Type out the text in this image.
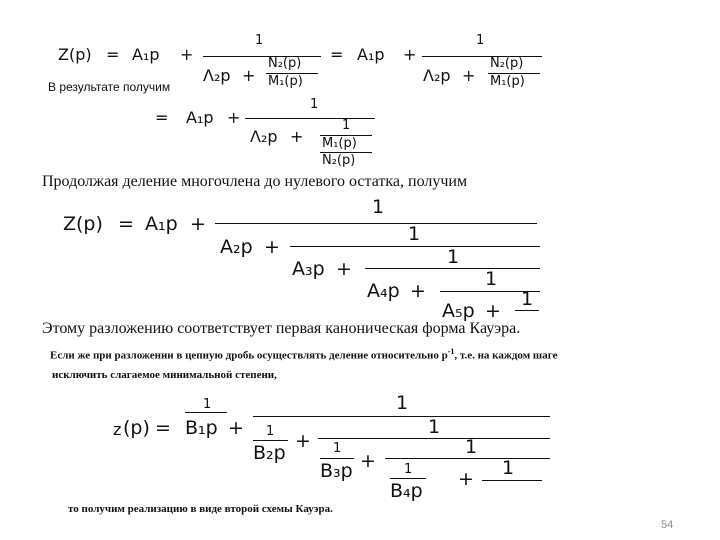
Z(p) = A₁p +
1
Λ₂p +
N₂(p)
M₁(p)
= A₁p +
1
Λ₂p +
N₂(p)
M₁(p)
В результате получим
= A₁p +
1
Λ₂p +
1
M₁(p)
N₂(p)
Продолжая деление многочлена до нулевого остатка, получим
Z(p) = A₁p +
1
A₂p +
1
A₃p +
1
A₄p +
1
A₅p +
1
Этому разложению соответствует первая каноническая форма Кауэра.
Если же при разложении в цепную дробь осуществлять деление относительно $p^{-1}$, т.е. на каждом шаге
исключить слагаемое минимальной степени,
z (p) =
1
B₁p +
1
1
B₂p
+
1
1
B₃p +
1
1
B₄p
+ 1
то получим реализацию в виде второй схемы Кауэра.
54
